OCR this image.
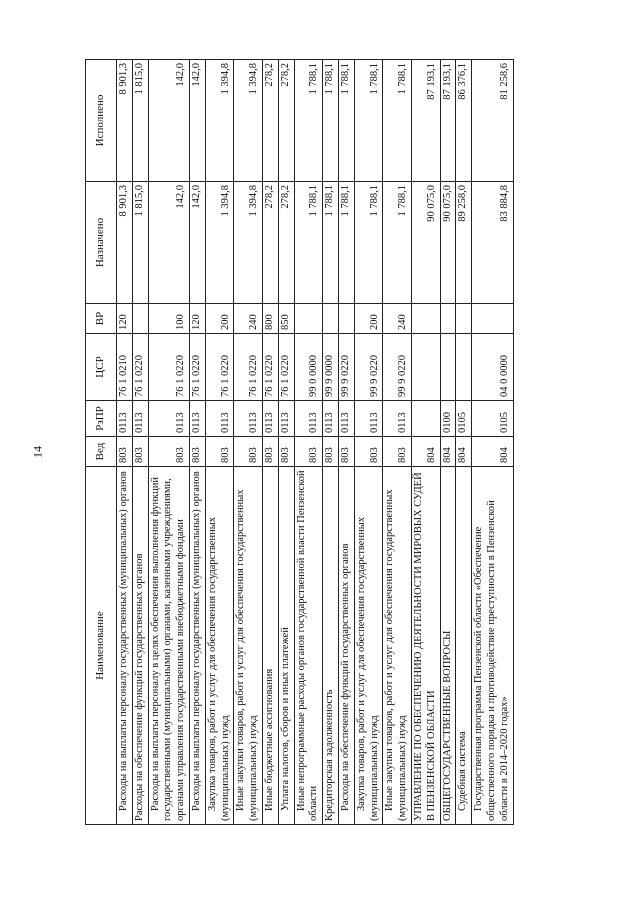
14
Наименование	Вед	РзПР	ЦСР	ВР	Назначено	Исполнено
Расходы на выплаты персоналу государственных (муниципальных) органов	803	0113	76 1 0210	120	8 901,3	8 901,3
Расходы на обеспечение функций государственных органов	803	0113	76 1 0220		1 815,0	1 815,0
Расходы на выплаты персоналу в целях обеспечения выполнения функций государственными (муниципальными) органами, казенными учреждениями, органами управления государственными внебюджетными фондами	803	0113	76 1 0220	100	142,0	142,0
Расходы на выплаты персоналу государственных (муниципальных) органов	803	0113	76 1 0220	120	142,0	142,0
Закупка товаров, работ и услуг для обеспечения государственных (муниципальных) нужд	803	0113	76 1 0220	200	1 394,8	1 394,8
Иные закупки товаров, работ и услуг для обеспечения государственных (муниципальных) нужд	803	0113	76 1 0220	240	1 394,8	1 394,8
Иные бюджетные ассигнования	803	0113	76 1 0220	800	278,2	278,2
Уплата налогов, сборов и иных платежей	803	0113	76 1 0220	850	278,2	278,2
Иные непрограммные расходы органов государственной власти Пензенской области	803	0113	99 0 0000		1 788,1	1 788,1
Кредиторская задолженность	803	0113	99 9 0000		1 788,1	1 788,1
Расходы на обеспечение функций государственных органов	803	0113	99 9 0220		1 788,1	1 788,1
Закупка товаров, работ и услуг для обеспечения государственных (муниципальных) нужд	803	0113	99 9 0220	200	1 788,1	1 788,1
Иные закупки товаров, работ и услуг для обеспечения государственных (муниципальных) нужд	803	0113	99 9 0220	240	1 788,1	1 788,1
УПРАВЛЕНИЕ ПО ОБЕСПЕЧЕНИЮ ДЕЯТЕЛЬНОСТИ МИРОВЫХ СУДЕЙ В ПЕНЗЕНСКОЙ ОБЛАСТИ	804				90 075,0	87 193,1
ОБЩЕГОСУДАРСТВЕННЫЕ ВОПРОСЫ	804	0100			90 075,0	87 193,1
Судебная система	804	0105			89 258,0	86 376,1
Государственная программа Пензенской области «Обеспечение общественного порядка и противодействие преступности в Пензенской области в 2014–2020 годах»	804	0105	04 0 0000		83 884,8	81 258,6
